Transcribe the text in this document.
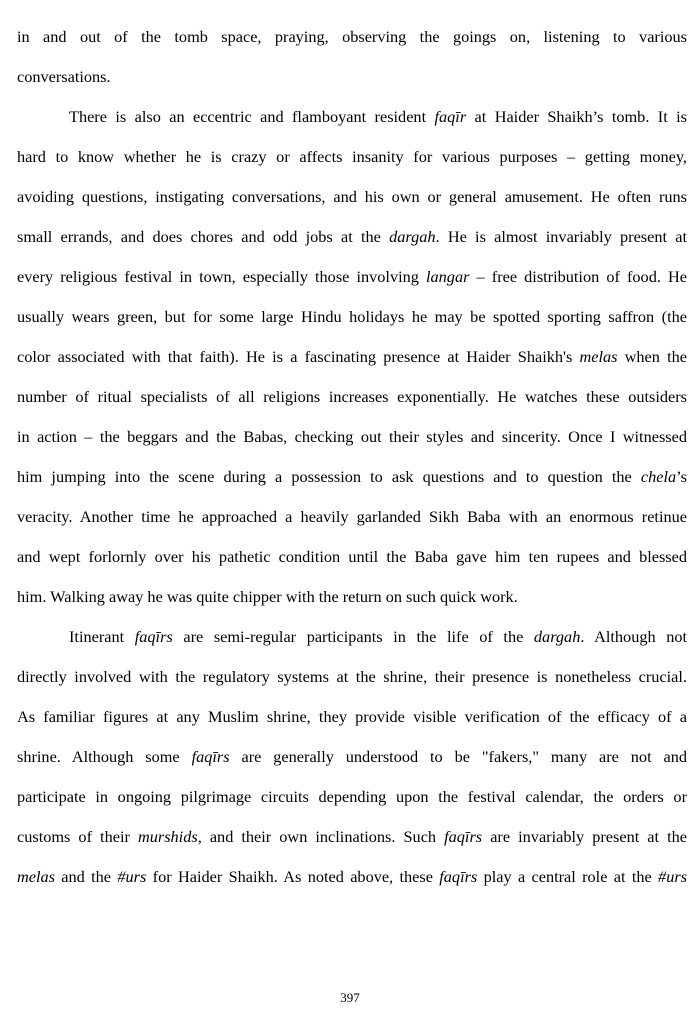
in and out of the tomb space, praying, observing the goings on, listening to various
conversations.
There is also an eccentric and flamboyant resident faqīr at Haider Shaikh’s tomb. It is
hard to know whether he is crazy or affects insanity for various purposes – getting money,
avoiding questions, instigating conversations, and his own or general amusement. He often runs
small errands, and does chores and odd jobs at the dargah. He is almost invariably present at
every religious festival in town, especially those involving langar – free distribution of food. He
usually wears green, but for some large Hindu holidays he may be spotted sporting saffron (the
color associated with that faith). He is a fascinating presence at Haider Shaikh's melas when the
number of ritual specialists of all religions increases exponentially. He watches these outsiders
in action – the beggars and the Babas, checking out their styles and sincerity. Once I witnessed
him jumping into the scene during a possession to ask questions and to question the chela’s
veracity. Another time he approached a heavily garlanded Sikh Baba with an enormous retinue
and wept forlornly over his pathetic condition until the Baba gave him ten rupees and blessed
him. Walking away he was quite chipper with the return on such quick work.
Itinerant faqīrs are semi-regular participants in the life of the dargah. Although not
directly involved with the regulatory systems at the shrine, their presence is nonetheless crucial.
As familiar figures at any Muslim shrine, they provide visible verification of the efficacy of a
shrine. Although some faqīrs are generally understood to be "fakers," many are not and
participate in ongoing pilgrimage circuits depending upon the festival calendar, the orders or
customs of their murshids, and their own inclinations. Such faqīrs are invariably present at the
melas and the #urs for Haider Shaikh. As noted above, these faqīrs play a central role at the #urs
397
